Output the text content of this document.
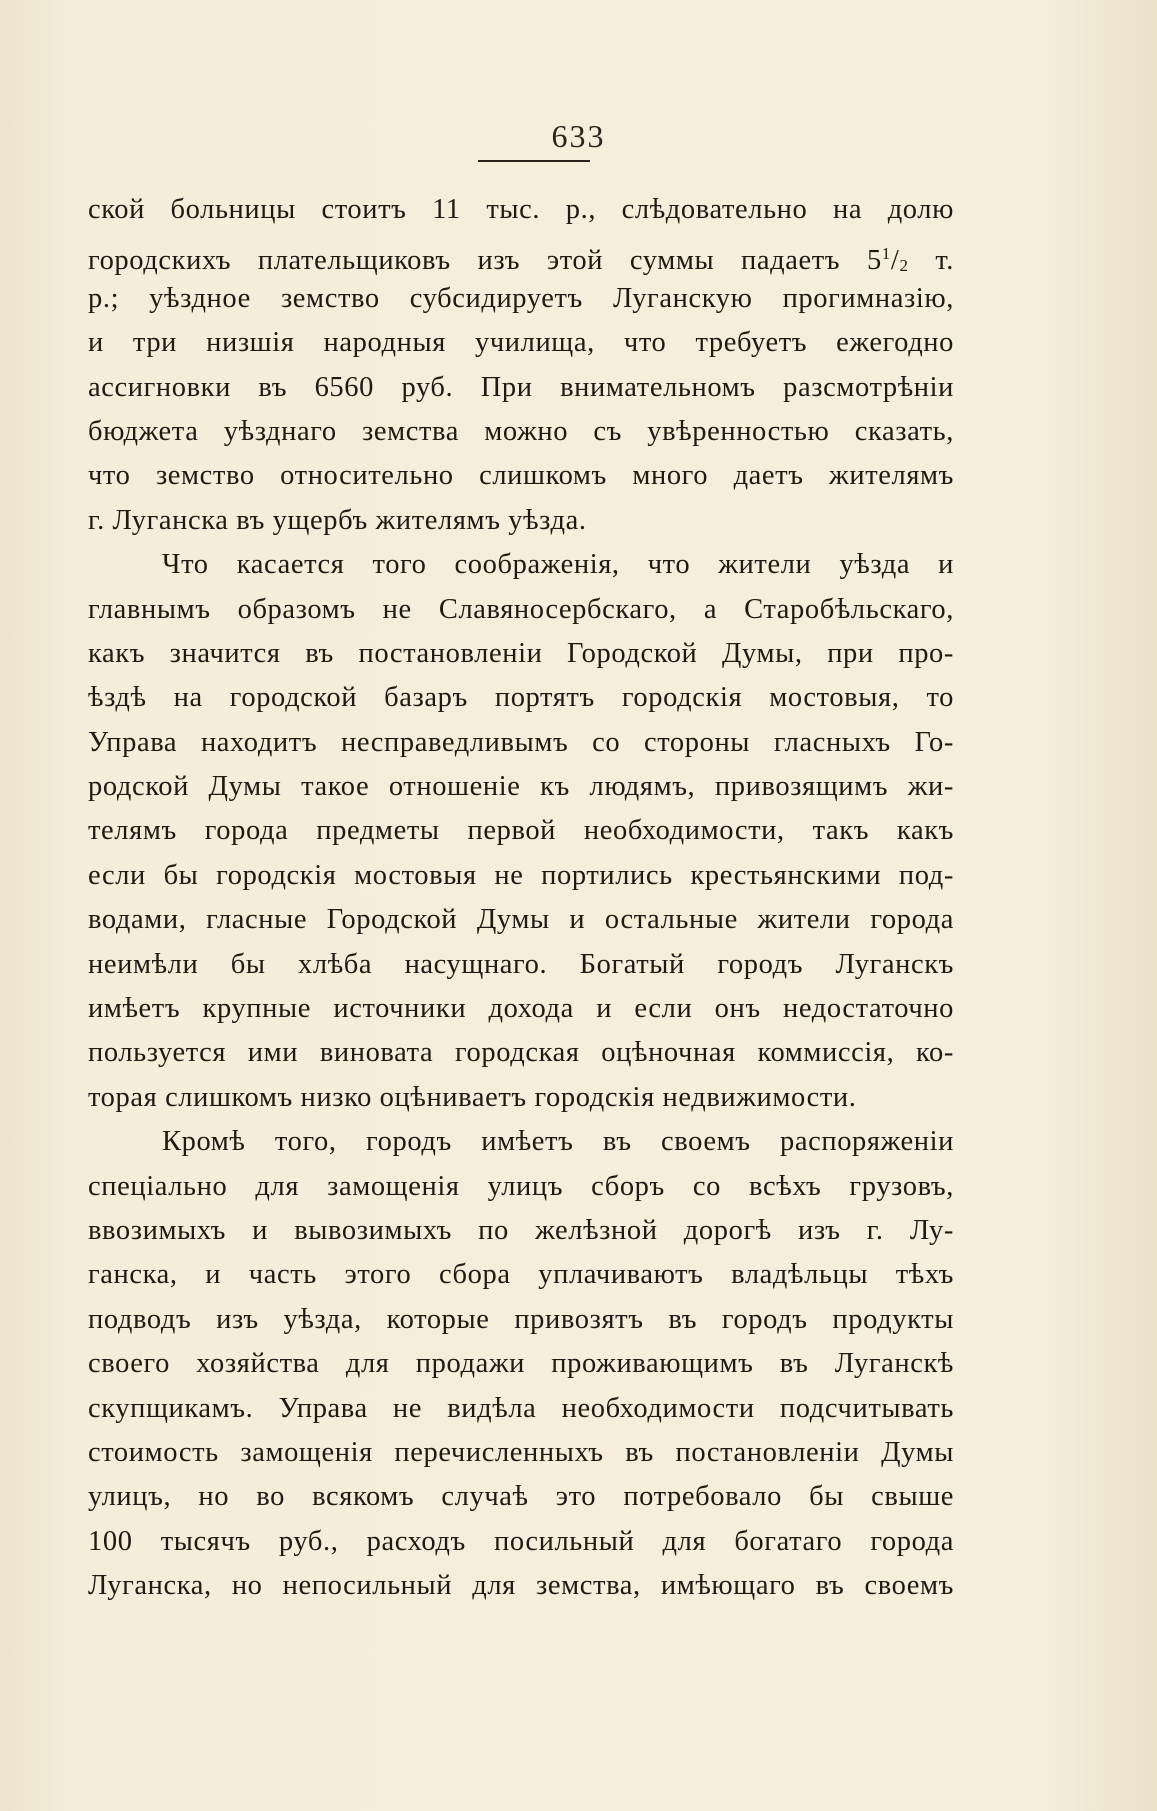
633
ской больницы стоитъ 11 тыс. р., слѣдовательно на долю
городскихъ плательщиковъ изъ этой суммы падаетъ $5^1/2$ т.
р.; уѣздное земство субсидируетъ Луганскую прогимназію,
и три низшія народныя училища, что требуетъ ежегодно
ассигновки въ 6560 руб. При внимательномъ разсмотрѣніи
бюджета уѣзднаго земства можно съ увѣренностью сказать,
что земство относительно слишкомъ много даетъ жителямъ
г. Луганска въ ущербъ жителямъ уѣзда.
Что касается того соображенія, что жители уѣзда и
главнымъ образомъ не Славяносербскаго, а Старобѣльскаго,
какъ значится въ постановленіи Городской Думы, при про-
ѣздѣ на городской базаръ портятъ городскія мостовыя, то
Управа находитъ несправедливымъ со стороны гласныхъ Го-
родской Думы такое отношеніе къ людямъ, привозящимъ жи-
телямъ города предметы первой необходимости, такъ какъ
если бы городскія мостовыя не портились крестьянскими под-
водами, гласные Городской Думы и остальные жители города
неимѣли бы хлѣба насущнаго. Богатый городъ Луганскъ
имѣетъ крупные источники дохода и если онъ недостаточно
пользуется ими виновата городская оцѣночная коммиссія, ко-
торая слишкомъ низко оцѣниваетъ городскія недвижимости.
Кромѣ того, городъ имѣетъ въ своемъ распоряженіи
спеціально для замощенія улицъ сборъ со всѣхъ грузовъ,
ввозимыхъ и вывозимыхъ по желѣзной дорогѣ изъ г. Лу-
ганска, и часть этого сбора уплачиваютъ владѣльцы тѣхъ
подводъ изъ уѣзда, которые привозятъ въ городъ продукты
своего хозяйства для продажи проживающимъ въ Луганскѣ
скупщикамъ. Управа не видѣла необходимости подсчитывать
стоимость замощенія перечисленныхъ въ постановленіи Думы
улицъ, но во всякомъ случаѣ это потребовало бы свыше
100 тысячъ руб., расходъ посильный для богатаго города
Луганска, но непосильный для земства, имѣющаго въ своемъ
